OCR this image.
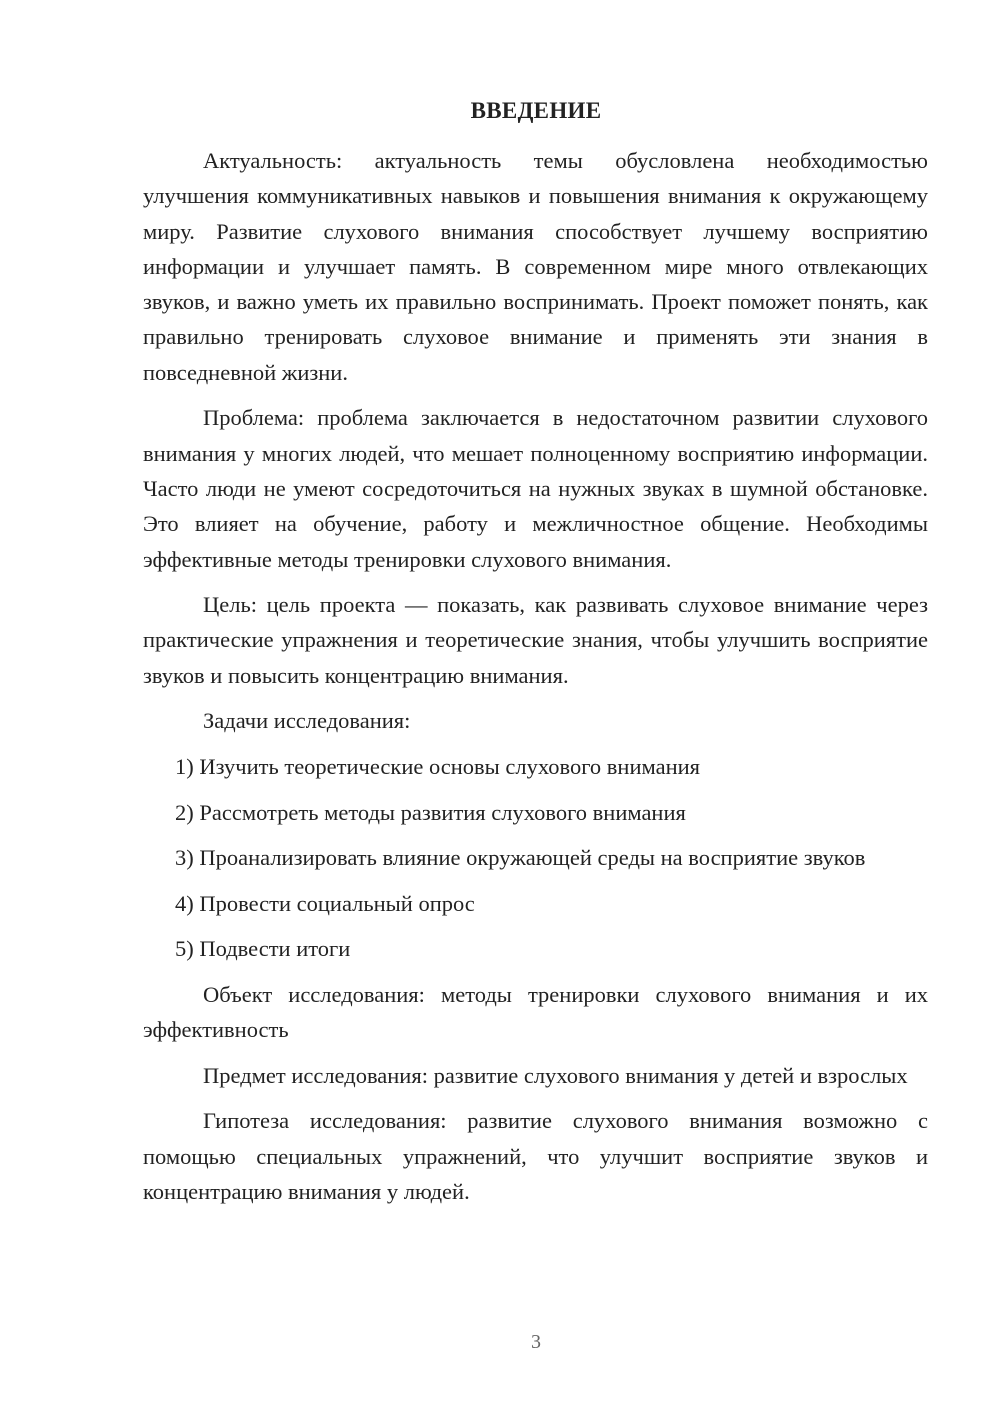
ВВЕДЕНИЕ

Актуальность: актуальность темы обусловлена необходимостью улучшения коммуникативных навыков и повышения внимания к окружающему миру. Развитие слухового внимания способствует лучшему восприятию информации и улучшает память. В современном мире много отвлекающих звуков, и важно уметь их правильно воспринимать. Проект поможет понять, как правильно тренировать слуховое внимание и применять эти знания в повседневной жизни.

Проблема: проблема заключается в недостаточном развитии слухового внимания у многих людей, что мешает полноценному восприятию информации. Часто люди не умеют сосредоточиться на нужных звуках в шумной обстановке. Это влияет на обучение, работу и межличностное общение. Необходимы эффективные методы тренировки слухового внимания.

Цель: цель проекта — показать, как развивать слуховое внимание через практические упражнения и теоретические знания, чтобы улучшить восприятие звуков и повысить концентрацию внимания.

Задачи исследования:

1) Изучить теоретические основы слухового внимания

2) Рассмотреть методы развития слухового внимания

3) Проанализировать влияние окружающей среды на восприятие звуков

4) Провести социальный опрос

5) Подвести итоги

Объект исследования: методы тренировки слухового внимания и их эффективность

Предмет исследования: развитие слухового внимания у детей и взрослых

Гипотеза исследования: развитие слухового внимания возможно с помощью специальных упражнений, что улучшит восприятие звуков и концентрацию внимания у людей.

3
